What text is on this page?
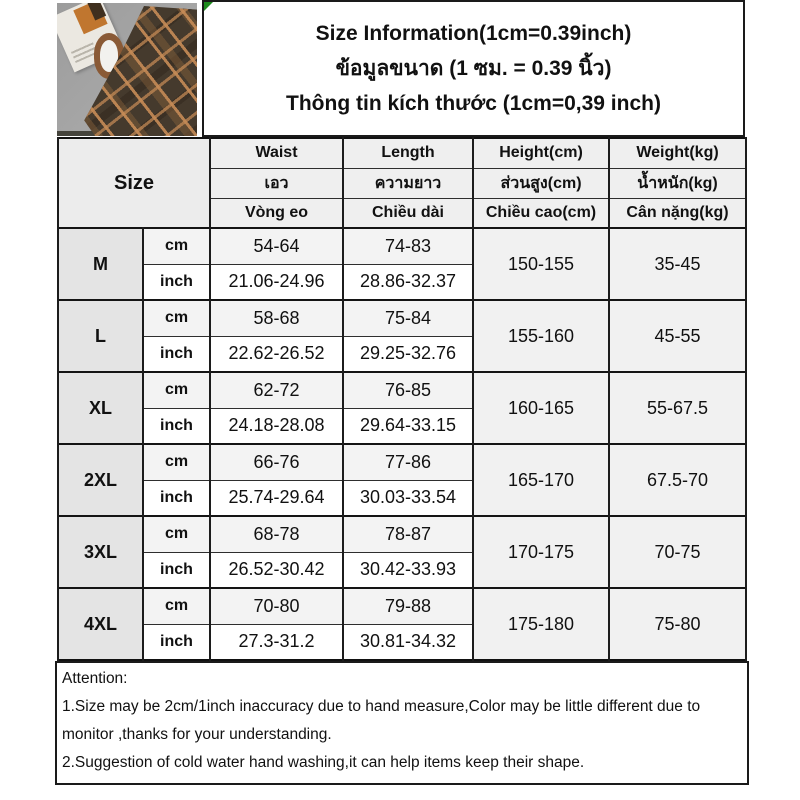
Size Information(1cm=0.39inch)
ข้อมูลขนาด (1 ซม. = 0.39 นิ้ว)
Thông tin kích thước (1cm=0,39 inch)
Size		Waist	Length	Height(cm)	Weight(kg)
		เอว	ความยาว	ส่วนสูง(cm)	น้ำหนัก(kg)
		Vòng eo	Chiều dài	Chiều cao(cm)	Cân nặng(kg)
M	cm	54-64	74-83	150-155	35-45
	inch	21.06-24.96	28.86-32.37		
L	cm	58-68	75-84	155-160	45-55
	inch	22.62-26.52	29.25-32.76		
XL	cm	62-72	76-85	160-165	55-67.5
	inch	24.18-28.08	29.64-33.15		
2XL	cm	66-76	77-86	165-170	67.5-70
	inch	25.74-29.64	30.03-33.54		
3XL	cm	68-78	78-87	170-175	70-75
	inch	26.52-30.42	30.42-33.93		
4XL	cm	70-80	79-88	175-180	75-80
	inch	27.3-31.2	30.81-34.32		
Attention:
1.Size may be 2cm/1inch inaccuracy due to hand measure,Color may be little different due to monitor ,thanks for your understanding.
2.Suggestion of cold water hand washing,it can help items keep their shape.
